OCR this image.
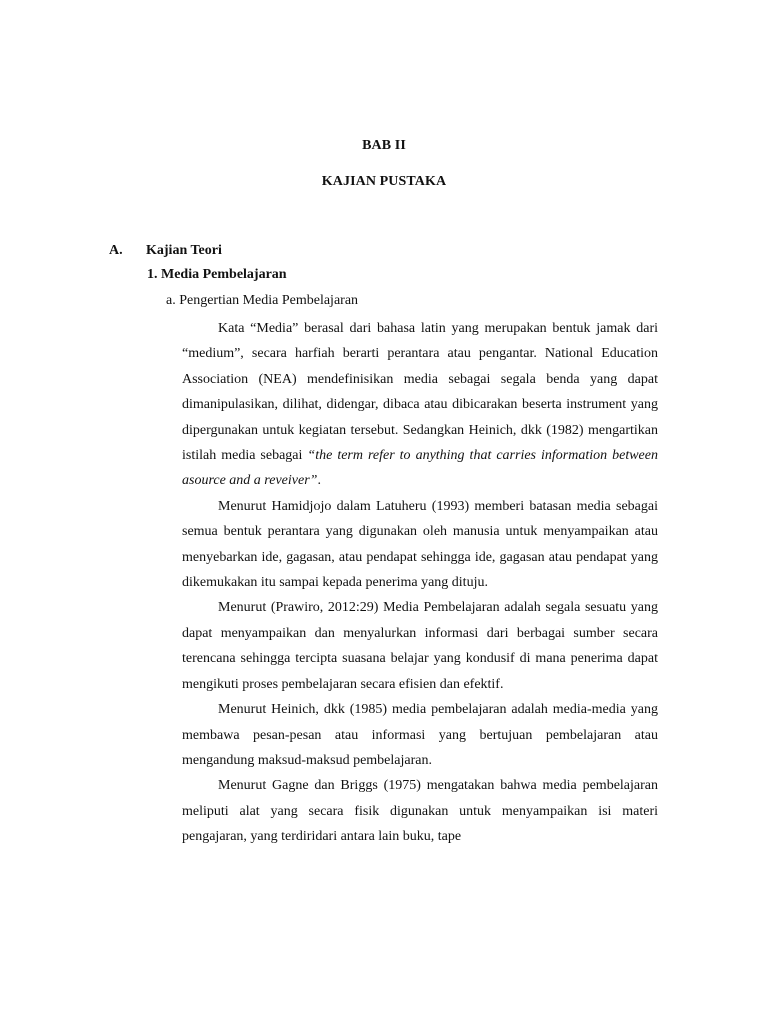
BAB II
KAJIAN PUSTAKA
A. Kajian Teori
1. Media Pembelajaran
a. Pengertian Media Pembelajaran

Kata “Media” berasal dari bahasa latin yang merupakan bentuk jamak dari “medium”, secara harfiah berarti perantara atau pengantar. National Education Association (NEA) mendefinisikan media sebagai segala benda yang dapat dimanipulasikan, dilihat, didengar, dibaca atau dibicarakan beserta instrument yang dipergunakan untuk kegiatan tersebut. Sedangkan Heinich, dkk (1982) mengartikan istilah media sebagai “the term refer to anything that carries information between asource and a reveiver”.

Menurut Hamidjojo dalam Latuheru (1993) memberi batasan media sebagai semua bentuk perantara yang digunakan oleh manusia untuk menyampaikan atau menyebarkan ide, gagasan, atau pendapat sehingga ide, gagasan atau pendapat yang dikemukakan itu sampai kepada penerima yang dituju.

Menurut (Prawiro, 2012:29) Media Pembelajaran adalah segala sesuatu yang dapat menyampaikan dan menyalurkan informasi dari berbagai sumber secara terencana sehingga tercipta suasana belajar yang kondusif di mana penerima dapat mengikuti proses pembelajaran secara efisien dan efektif.

Menurut Heinich, dkk (1985) media pembelajaran adalah media-media yang membawa pesan-pesan atau informasi yang bertujuan pembelajaran atau mengandung maksud-maksud pembelajaran.

Menurut Gagne dan Briggs (1975) mengatakan bahwa media pembelajaran meliputi alat yang secara fisik digunakan untuk menyampaikan isi materi pengajaran, yang terdiridari antara lain buku, tape
